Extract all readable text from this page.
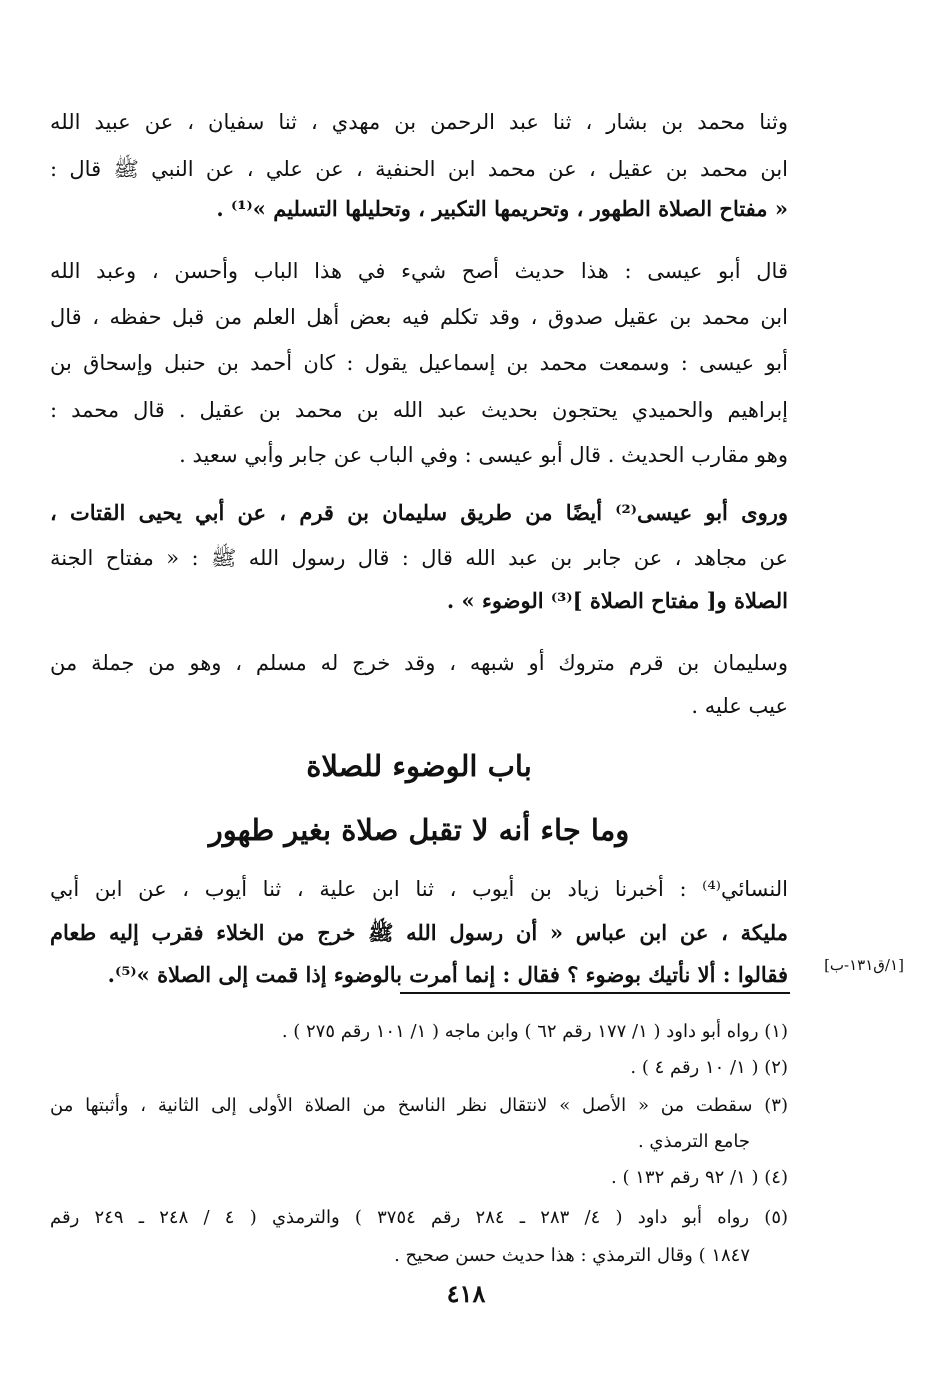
وثنا محمد بن بشار ، ثنا عبد الرحمن بن مهدي ، ثنا سفيان ، عن عبيد الله
ابن محمد بن عقيل ، عن محمد ابن الحنفية ، عن علي ، عن النبي ﷺ قال :
« مفتاح الصلاة الطهور ، وتحريمها التكبير ، وتحليلها التسليم »⁽¹⁾ .
قال أبو عيسى : هذا حديث أصح شيء في هذا الباب وأحسن ، وعبد الله
ابن محمد بن عقيل صدوق ، وقد تكلم فيه بعض أهل العلم من قبل حفظه ، قال
أبو عيسى : وسمعت محمد بن إسماعيل يقول : كان أحمد بن حنبل وإسحاق بن
إبراهيم والحميدي يحتجون بحديث عبد الله بن محمد بن عقيل . قال محمد :
وهو مقارب الحديث . قال أبو عيسى : وفي الباب عن جابر وأبي سعيد .
وروى أبو عيسى⁽²⁾ أيضًا من طريق سليمان بن قرم ، عن أبي يحيى القتات ،
عن مجاهد ، عن جابر بن عبد الله قال : قال رسول الله ﷺ : « مفتاح الجنة
الصلاة و[ مفتاح الصلاة ]⁽³⁾ الوضوء » .
وسليمان بن قرم متروك أو شبهه ، وقد خرج له مسلم ، وهو من جملة من
عيب عليه .
باب الوضوء للصلاة
وما جاء أنه لا تقبل صلاة بغير طهور
النسائي⁽⁴⁾ : أخبرنا زياد بن أيوب ، ثنا ابن علية ، ثنا أيوب ، عن ابن أبي
مليكة ، عن ابن عباس « أن رسول الله ﷺ خرج من الخلاء فقرب إليه طعام
فقالوا : ألا نأتيك بوضوء ؟ فقال : إنما أمرت بالوضوء إذا قمت إلى الصلاة »⁽⁵⁾.	[١/ق١٣١-ب]
(١) رواه أبو داود ( ١/ ١٧٧ رقم ٦٢ ) وابن ماجه ( ١/ ١٠١ رقم ٢٧٥ ) .
(٢) ( ١/ ١٠ رقم ٤ ) .
(٣) سقطت من « الأصل » لانتقال نظر الناسخ من الصلاة الأولى إلى الثانية ، وأثبتها من
جامع الترمذي .
(٤) ( ١/ ٩٢ رقم ١٣٢ ) .
(٥) رواه أبو داود ( ٤/ ٢٨٣ ـ ٢٨٤ رقم ٣٧٥٤ ) والترمذي ( ٤ / ٢٤٨ ـ ٢٤٩ رقم
١٨٤٧ ) وقال الترمذي : هذا حديث حسن صحيح .
٤١٨
